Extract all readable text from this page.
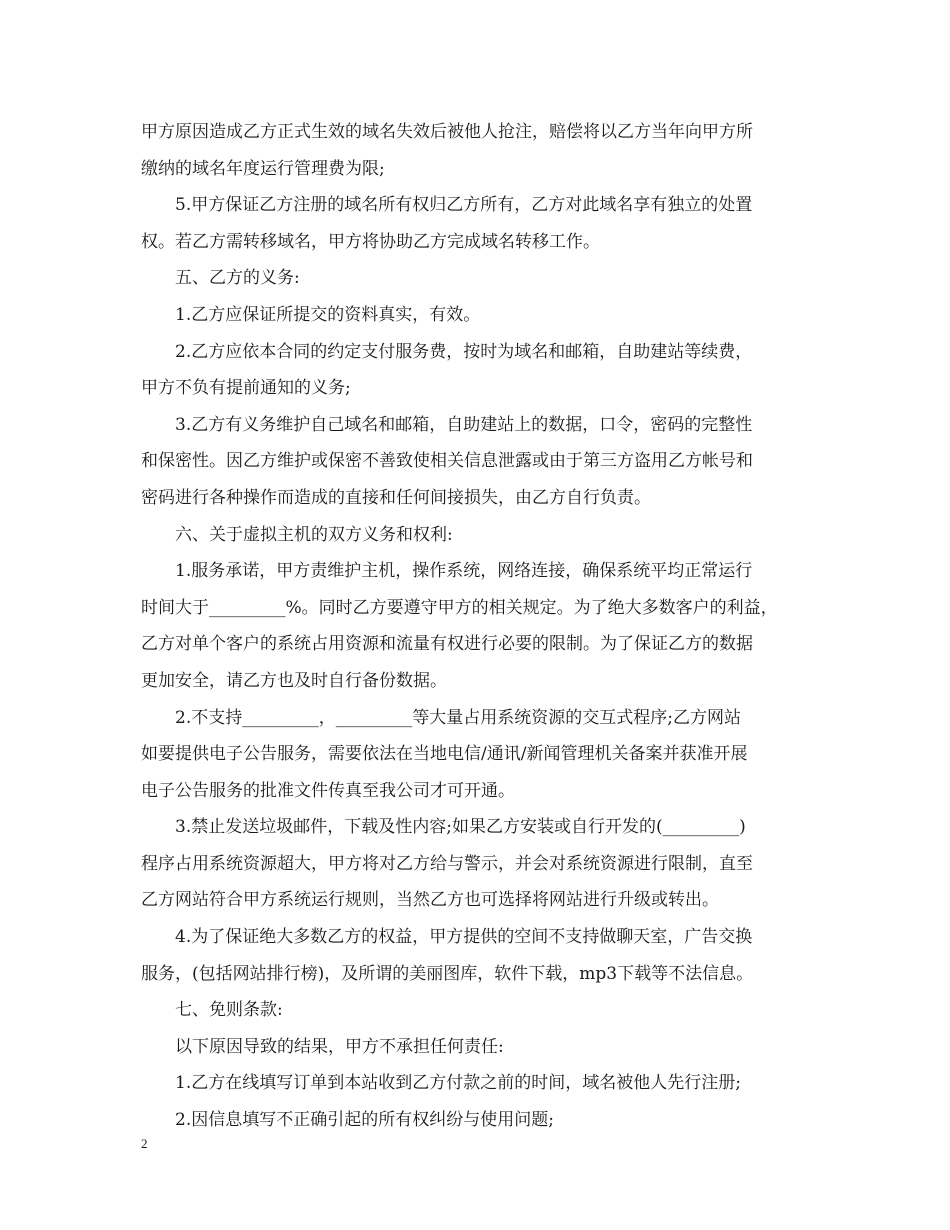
甲方原因造成乙方正式生效的域名失效后被他人抢注，赔偿将以乙方当年向甲方所
缴纳的域名年度运行管理费为限;
5.甲方保证乙方注册的域名所有权归乙方所有，乙方对此域名享有独立的处置
权。若乙方需转移域名，甲方将协助乙方完成域名转移工作。
五、乙方的义务:
1.乙方应保证所提交的资料真实，有效。
2.乙方应依本合同的约定支付服务费，按时为域名和邮箱，自助建站等续费，
甲方不负有提前通知的义务;
3.乙方有义务维护自己域名和邮箱，自助建站上的数据，口令，密码的完整性
和保密性。因乙方维护或保密不善致使相关信息泄露或由于第三方盗用乙方帐号和
密码进行各种操作而造成的直接和任何间接损失，由乙方自行负责。
六、关于虚拟主机的双方义务和权利:
1.服务承诺，甲方责维护主机，操作系统，网络连接，确保系统平均正常运行
时间大于_________%。同时乙方要遵守甲方的相关规定。为了绝大多数客户的利益，
乙方对单个客户的系统占用资源和流量有权进行必要的限制。为了保证乙方的数据
更加安全，请乙方也及时自行备份数据。
2.不支持_________，_________等大量占用系统资源的交互式程序;乙方网站
如要提供电子公告服务，需要依法在当地电信/通讯/新闻管理机关备案并获准开展
电子公告服务的批准文件传真至我公司才可开通。
3.禁止发送垃圾邮件，下载及性内容;如果乙方安装或自行开发的(_________)
程序占用系统资源超大，甲方将对乙方给与警示，并会对系统资源进行限制，直至
乙方网站符合甲方系统运行规则，当然乙方也可选择将网站进行升级或转出。
4.为了保证绝大多数乙方的权益，甲方提供的空间不支持做聊天室，广告交换
服务，(包括网站排行榜)，及所谓的美丽图库，软件下载，mp3下载等不法信息。
七、免则条款:
以下原因导致的结果，甲方不承担任何责任:
1.乙方在线填写订单到本站收到乙方付款之前的时间，域名被他人先行注册;
2.因信息填写不正确引起的所有权纠纷与使用问题;
2
